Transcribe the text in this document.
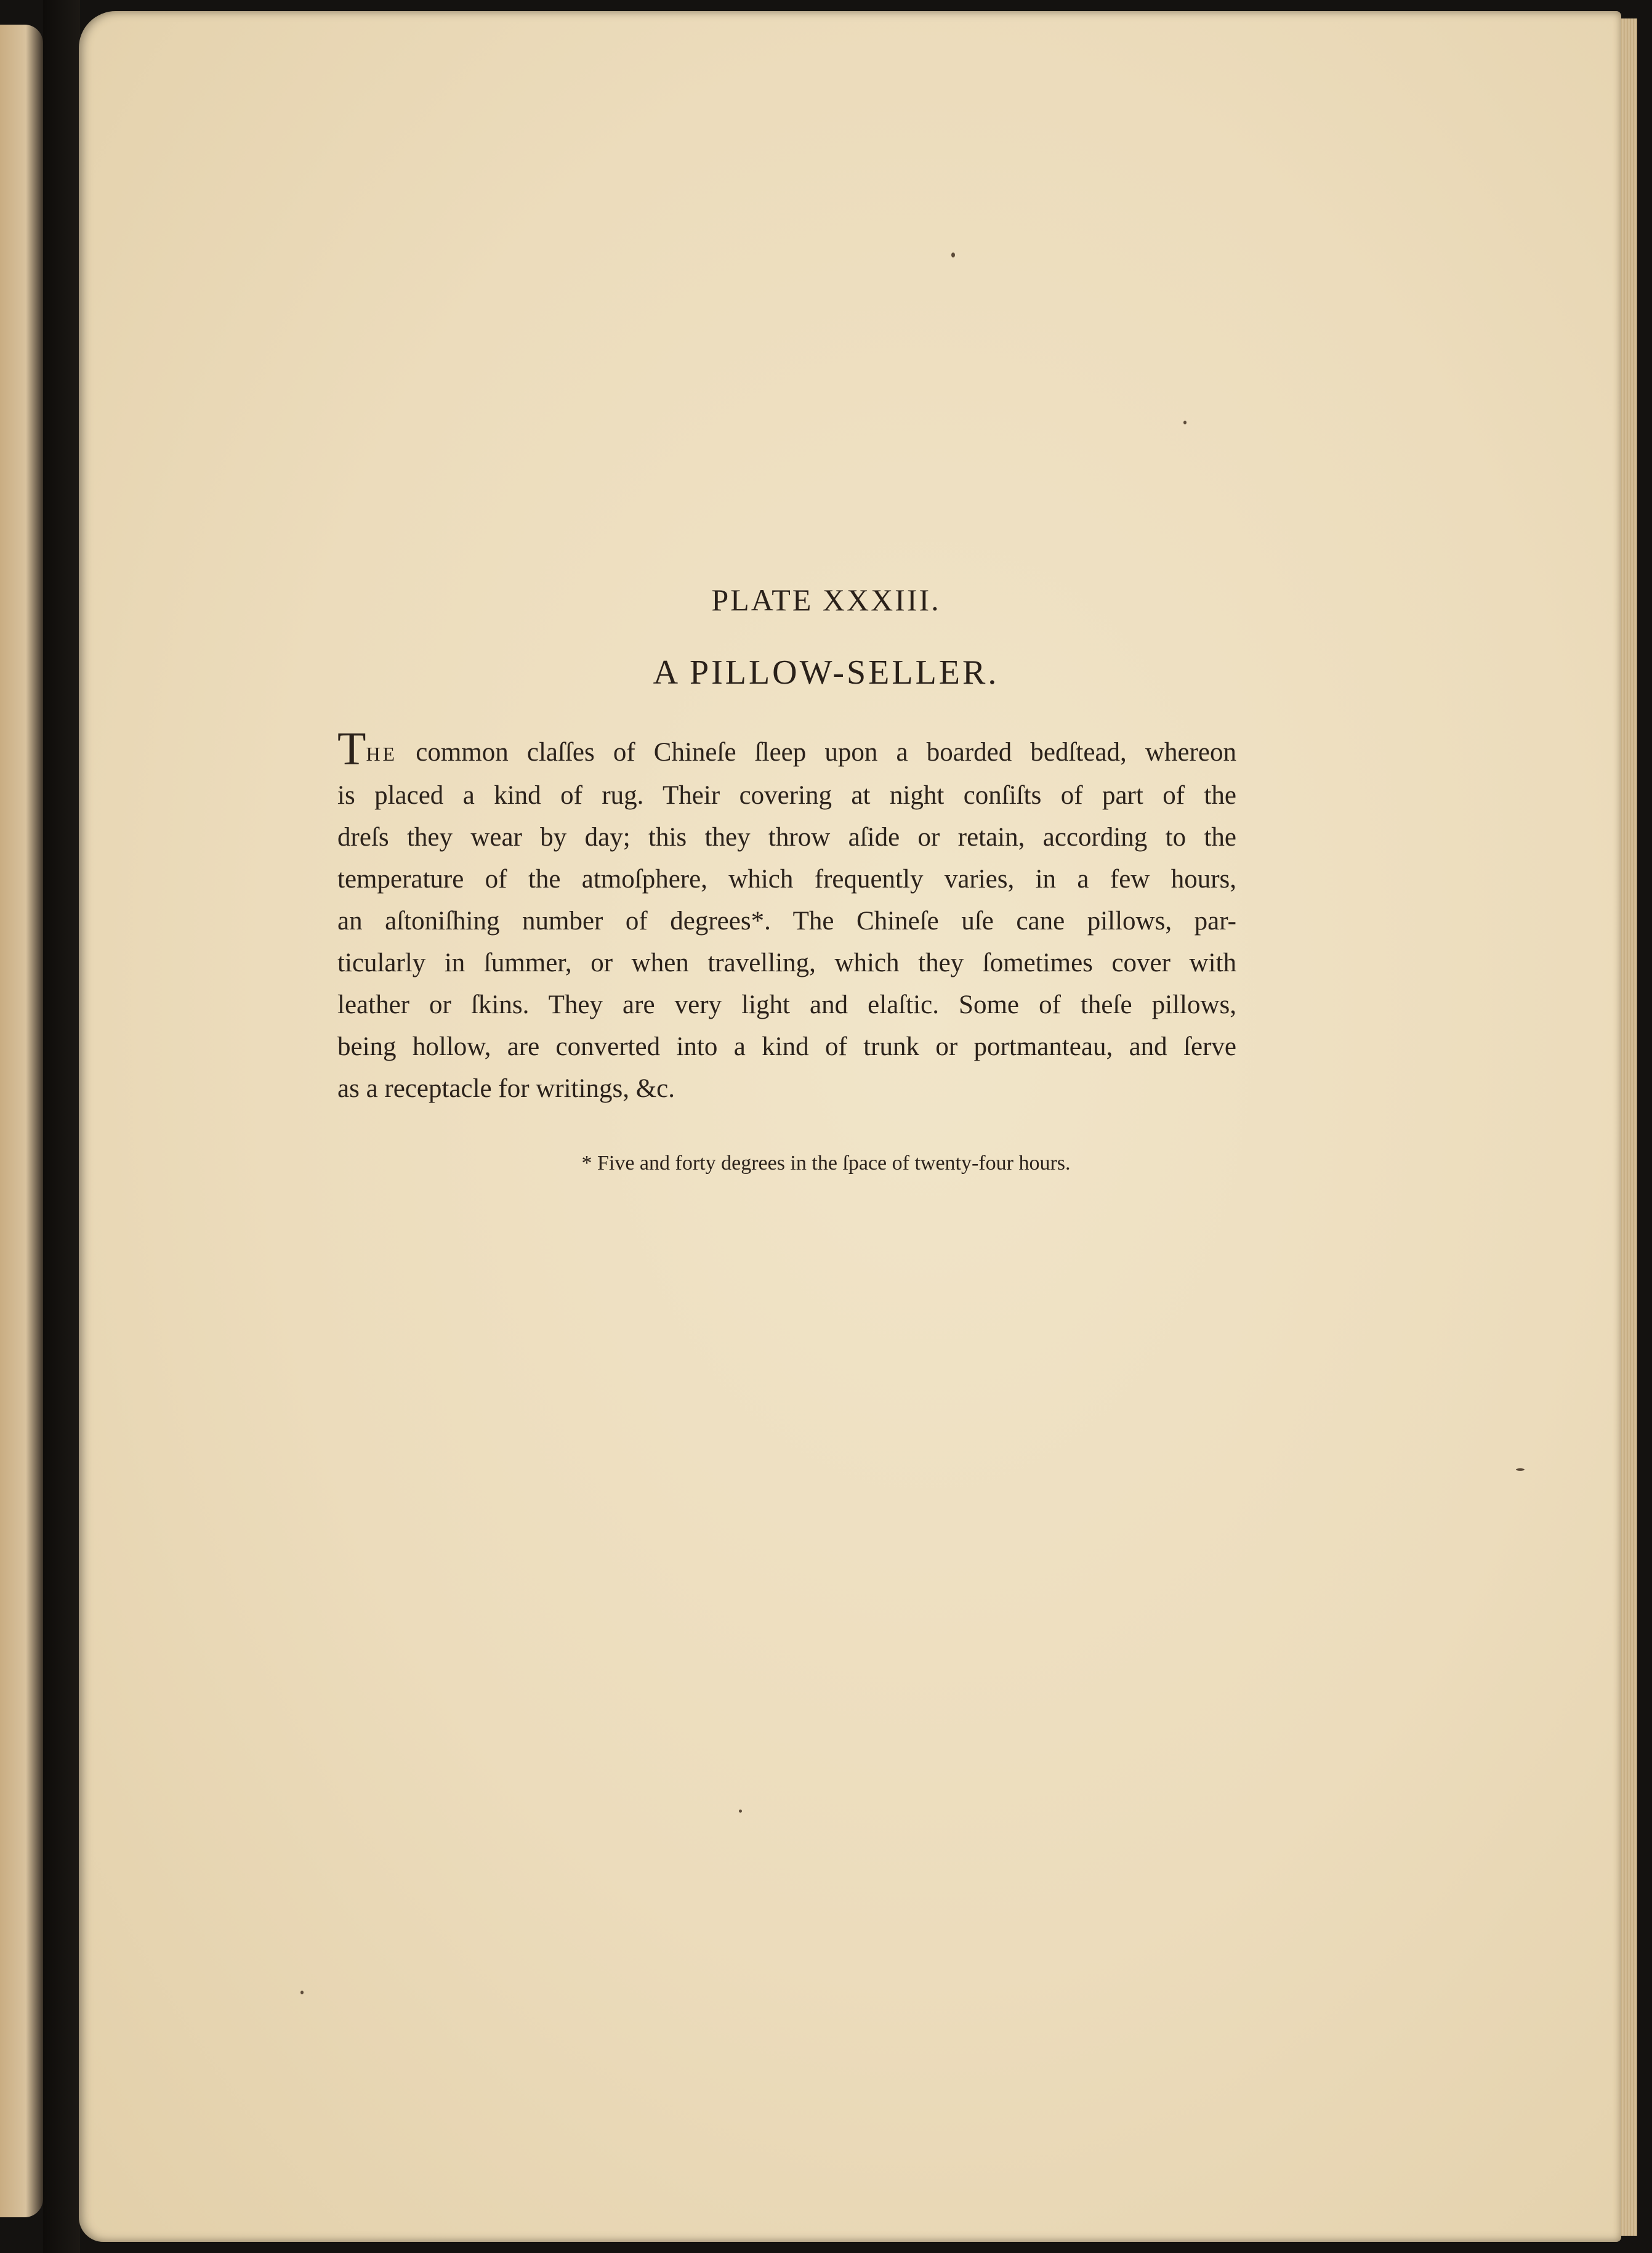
PLATE XXXIII.
A PILLOW-SELLER.
THE common claſſes of Chineſe ſleep upon a boarded bedſtead, whereon
is placed a kind of rug. Their covering at night conſiſts of part of the
dreſs they wear by day; this they throw aſide or retain, according to the
temperature of the atmoſphere, which frequently varies, in a few hours,
an aſtoniſhing number of degrees*. The Chineſe uſe cane pillows, par-
ticularly in ſummer, or when travelling, which they ſometimes cover with
leather or ſkins. They are very light and elaſtic. Some of theſe pillows,
being hollow, are converted into a kind of trunk or portmanteau, and ſerve
as a receptacle for writings, &c.
* Five and forty degrees in the ſpace of twenty-four hours.
